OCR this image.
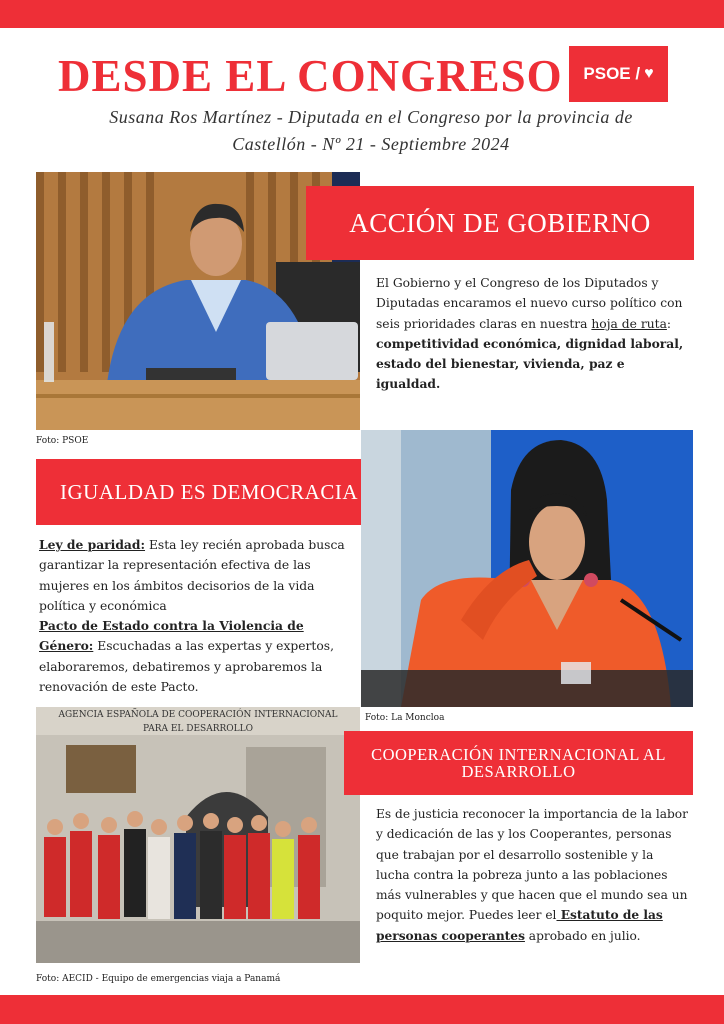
DESDE EL CONGRESO PSOE / ♥
Susana Ros Martínez - Diputada en el Congreso por la provincia de
Castellón - Nº 21 - Septiembre 2024
Foto: PSOE
ACCIÓN DE GOBIERNO
El Gobierno y el Congreso de los Diputados y Diputadas encaramos el nuevo curso político con seis prioridades claras en nuestra hoja de ruta: competitividad económica, dignidad laboral, estado del bienestar, vivienda, paz e igualdad.
IGUALDAD ES DEMOCRACIA
Ley de paridad: Esta ley recién aprobada busca garantizar la representación efectiva de las mujeres en los ámbitos decisorios de la vida política y económica
Pacto de Estado contra la Violencia de Género: Escuchadas a las expertas y expertos, elaboraremos, debatiremos y aprobaremos la renovación de este Pacto.
Foto: La Moncloa
AGENCIA ESPAÑOLA DE COOPERACIÓN INTERNACIONAL
PARA EL DESARROLLO
Foto: AECID - Equipo de emergencias viaja a Panamá
COOPERACIÓN INTERNACIONAL AL DESARROLLO
Es de justicia reconocer la importancia de la labor y dedicación de las y los Cooperantes, personas que trabajan por el desarrollo sostenible y la lucha contra la pobreza junto a las poblaciones más vulnerables y que hacen que el mundo sea un poquito mejor. Puedes leer el Estatuto de las personas cooperantes aprobado en julio.
